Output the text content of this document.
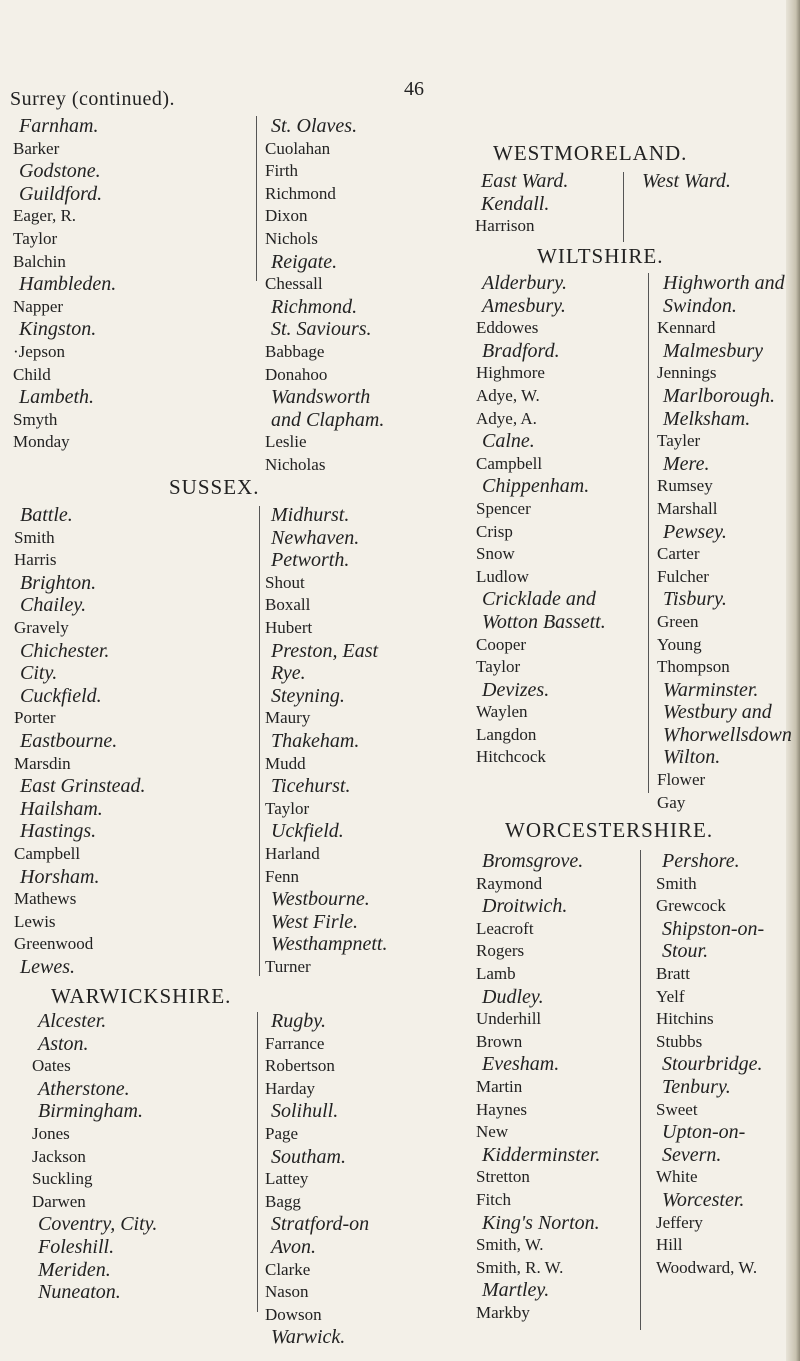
46
Surrey (continued).
Farnham.
Barker
Godstone.
Guildford.
Eager, R.
Taylor
Balchin
Hambleden.
Napper
Kingston.
·Jepson
Child
Lambeth.
Smyth
Monday
St. Olaves.
Cuolahan
Firth
Richmond
Dixon
Nichols
Reigate.
Chessall
Richmond.
St. Saviours.
Babbage
Donahoo
Wandsworth
and Clapham.
Leslie
Nicholas
SUSSEX.
Battle.
Smith
Harris
Brighton.
Chailey.
Gravely
Chichester.
City.
Cuckfield.
Porter
Eastbourne.
Marsdin
East Grinstead.
Hailsham.
Hastings.
Campbell
Horsham.
Mathews
Lewis
Greenwood
Lewes.
Midhurst.
Newhaven.
Petworth.
Shout
Boxall
Hubert
Preston, East
Rye.
Steyning.
Maury
Thakeham.
Mudd
Ticehurst.
Taylor
Uckfield.
Harland
Fenn
Westbourne.
West Firle.
Westhampnett.
Turner
WARWICKSHIRE.
Alcester.
Aston.
Oates
Atherstone.
Birmingham.
Jones
Jackson
Suckling
Darwen
Coventry, City.
Foleshill.
Meriden.
Nuneaton.
Rugby.
Farrance
Robertson
Harday
Solihull.
Page
Southam.
Lattey
Bagg
Stratford-on
Avon.
Clarke
Nason
Dowson
Warwick.
WESTMORELAND.
East Ward.
Kendall.
Harrison
West Ward.
WILTSHIRE.
Alderbury.
Amesbury.
Eddowes
Bradford.
Highmore
Adye, W.
Adye, A.
Calne.
Campbell
Chippenham.
Spencer
Crisp
Snow
Ludlow
Cricklade and
Wotton Bassett.
Cooper
Taylor
Devizes.
Waylen
Langdon
Hitchcock
Highworth and
Swindon.
Kennard
Malmesbury
Jennings
Marlborough.
Melksham.
Tayler
Mere.
Rumsey
Marshall
Pewsey.
Carter
Fulcher
Tisbury.
Green
Young
Thompson
Warminster.
Westbury and
Whorwellsdown
Wilton.
Flower
Gay
WORCESTERSHIRE.
Bromsgrove.
Raymond
Droitwich.
Leacroft
Rogers
Lamb
Dudley.
Underhill
Brown
Evesham.
Martin
Haynes
New
Kidderminster.
Stretton
Fitch
King's Norton.
Smith, W.
Smith, R. W.
Martley.
Markby
Pershore.
Smith
Grewcock
Shipston-on-
Stour.
Bratt
Yelf
Hitchins
Stubbs
Stourbridge.
Tenbury.
Sweet
Upton-on-
Severn.
White
Worcester.
Jeffery
Hill
Woodward, W.
